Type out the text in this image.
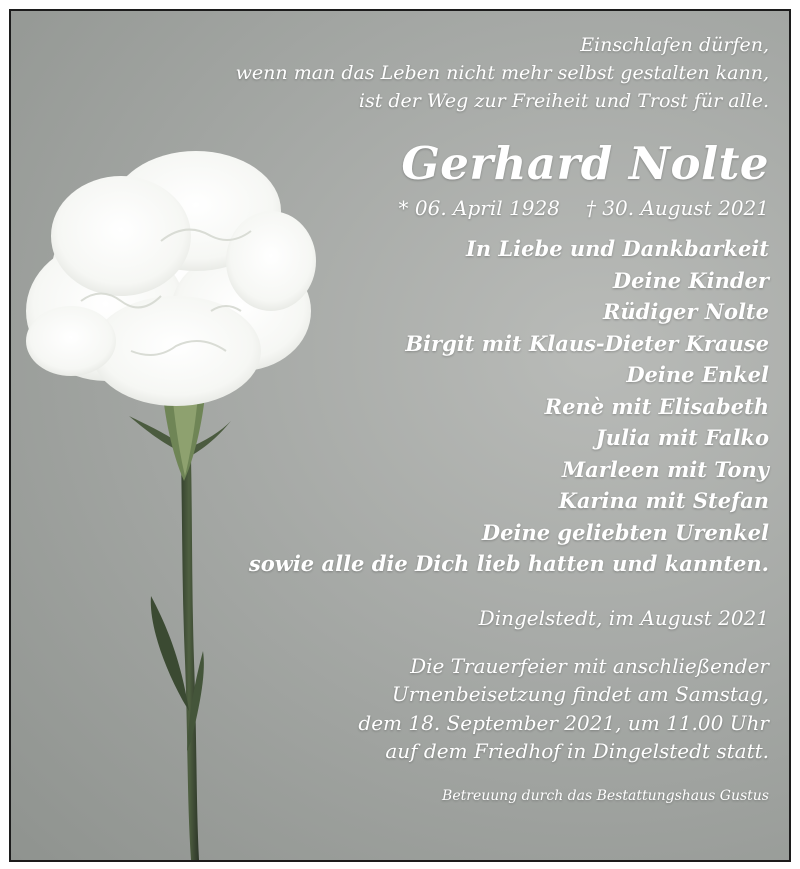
Einschlafen dürfen,
wenn man das Leben nicht mehr selbst gestalten kann,
ist der Weg zur Freiheit und Trost für alle.
Gerhard Nolte
* 06. April 1928 † 30. August 2021
In Liebe und Dankbarkeit
Deine Kinder
Rüdiger Nolte
Birgit mit Klaus-Dieter Krause
Deine Enkel
Renè mit Elisabeth
Julia mit Falko
Marleen mit Tony
Karina mit Stefan
Deine geliebten Urenkel
sowie alle die Dich lieb hatten und kannten.
Dingelstedt, im August 2021
Die Trauerfeier mit anschließender
Urnenbeisetzung findet am Samstag,
dem 18. September 2021, um 11.00 Uhr
auf dem Friedhof in Dingelstedt statt.
Betreuung durch das Bestattungshaus Gustus
